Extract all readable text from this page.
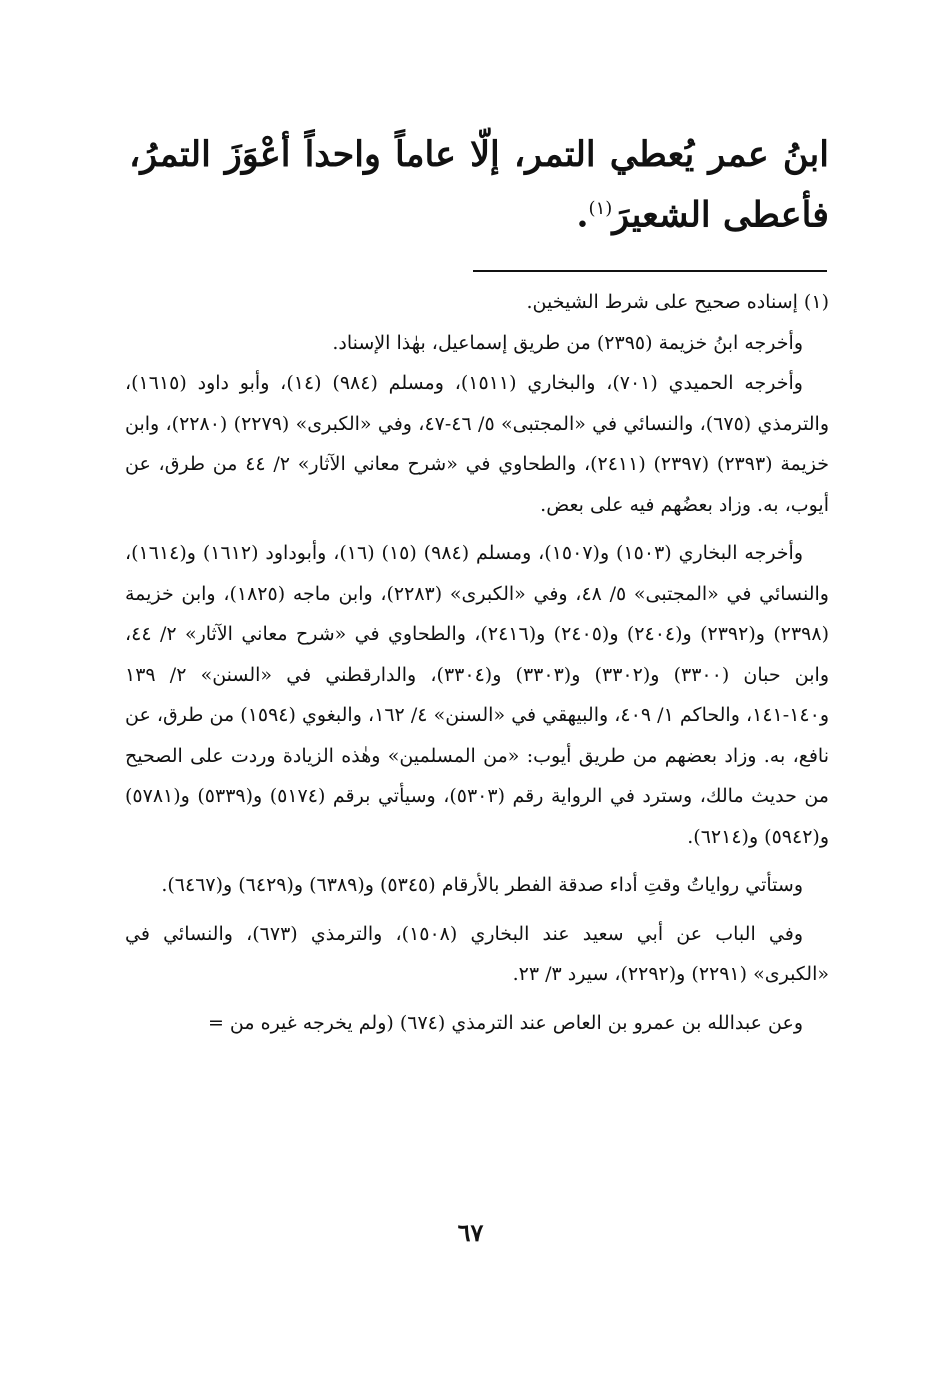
ابنُ عمر يُعطي التمر، إلّا عاماً واحداً أعْوَزَ التمرُ، فأعطى الشعيرَ$^{(١)}$.

(١) إسناده صحيح على شرط الشيخين.

وأخرجه ابنُ خزيمة (٢٣٩٥) من طريق إسماعيل، بهٰذا الإسناد.

وأخرجه الحميدي (٧٠١)، والبخاري (١٥١١)، ومسلم (٩٨٤) (١٤)، وأبو داود (١٦١٥)، والترمذي (٦٧٥)، والنسائي في «المجتبى» ٥/ ٤٦-٤٧، وفي «الكبرى» (٢٢٧٩) (٢٢٨٠)، وابن خزيمة (٢٣٩٣) (٢٣٩٧) (٢٤١١)، والطحاوي في «شرح معاني الآثار» ٢/ ٤٤ من طرق، عن أيوب، به. وزاد بعضُهم فيه على بعض.

وأخرجه البخاري (١٥٠٣) و(١٥٠٧)، ومسلم (٩٨٤) (١٥) (١٦)، وأبوداود (١٦١٢) و(١٦١٤)، والنسائي في «المجتبى» ٥/ ٤٨، وفي «الكبرى» (٢٢٨٣)، وابن ماجه (١٨٢٥)، وابن خزيمة (٢٣٩٨) و(٢٣٩٢) و(٢٤٠٤) و(٢٤٠٥) و(٢٤١٦)، والطحاوي في «شرح معاني الآثار» ٢/ ٤٤، وابن حبان (٣٣٠٠) و(٣٣٠٢) و(٣٣٠٣) و(٣٣٠٤)، والدارقطني في «السنن» ٢/ ١٣٩ و١٤٠-١٤١، والحاكم ١/ ٤٠٩، والبيهقي في «السنن» ٤/ ١٦٢، والبغوي (١٥٩٤) من طرق، عن نافع، به. وزاد بعضهم من طريق أيوب: «من المسلمين» وهٰذه الزيادة وردت على الصحيح من حديث مالك، وسترد في الرواية رقم (٥٣٠٣)، وسيأتي برقم (٥١٧٤) و(٥٣٣٩) و(٥٧٨١) و(٥٩٤٢) و(٦٢١٤).

وستأتي رواياتُ وقتِ أداء صدقة الفطر بالأرقام (٥٣٤٥) و(٦٣٨٩) و(٦٤٢٩) و(٦٤٦٧).

وفي الباب عن أبي سعيد عند البخاري (١٥٠٨)، والترمذي (٦٧٣)، والنسائي في «الكبرى» (٢٢٩١) و(٢٢٩٢)، سيرد ٣/ ٢٣.

وعن عبدالله بن عمرو بن العاص عند الترمذي (٦٧٤) (ولم يخرجه غيره من =

٦٧
